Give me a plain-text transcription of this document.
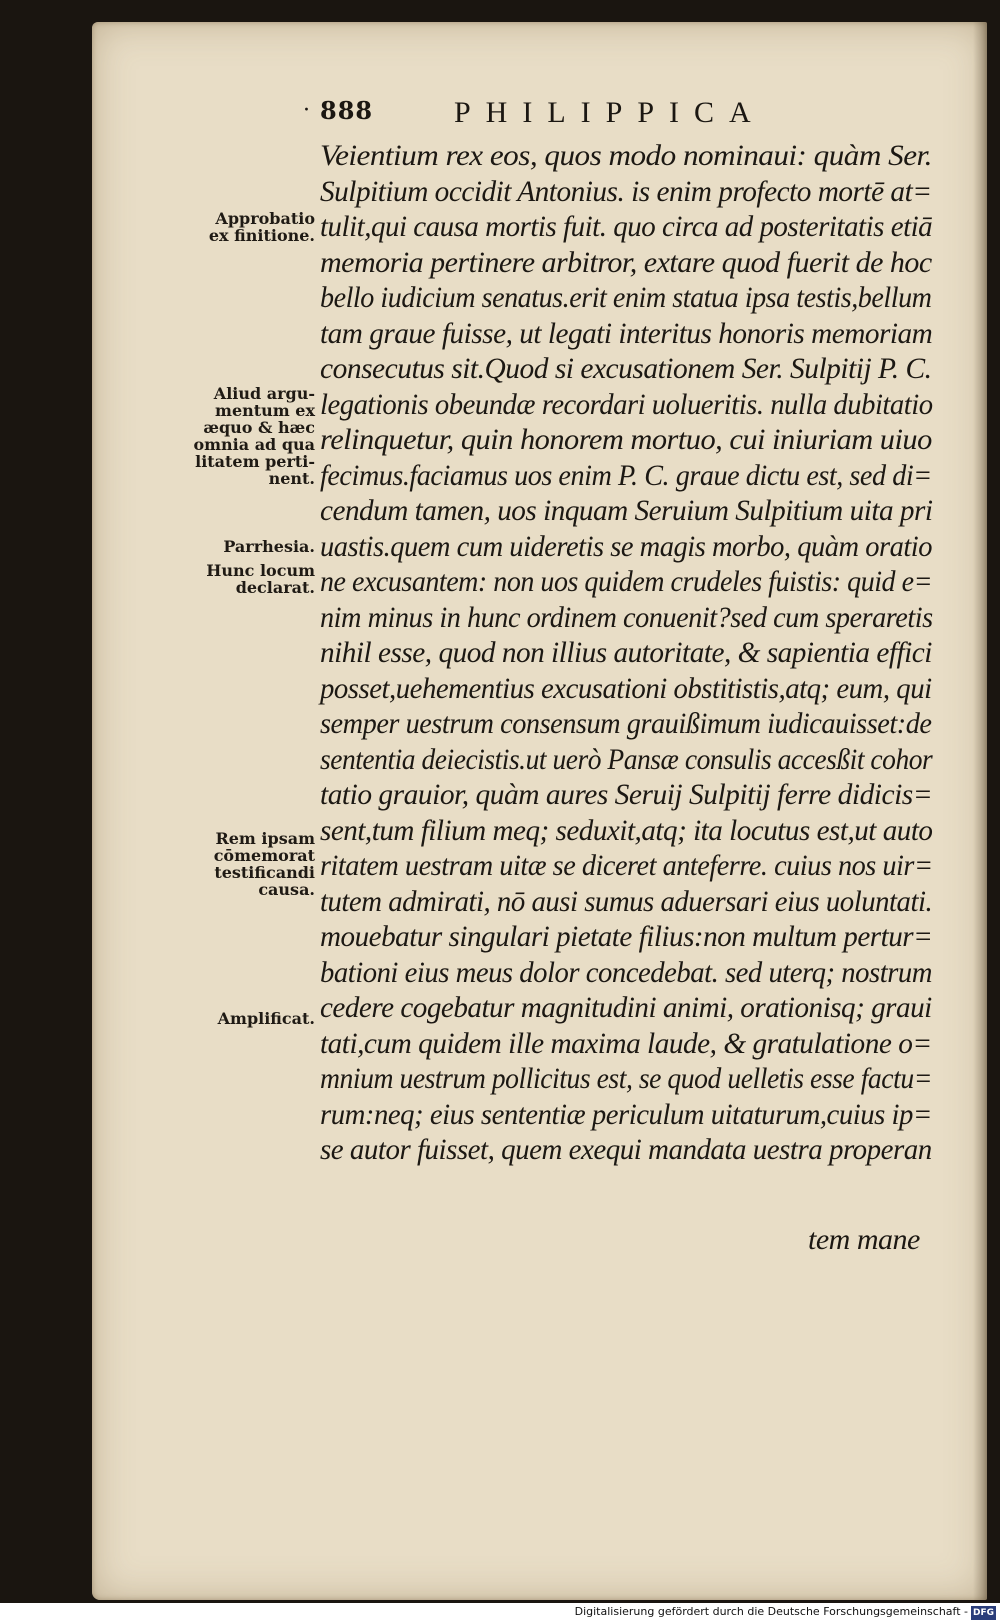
· 888	PHILIPPICA
Approbatio
ex finitione.
Aliud argu-
mentum ex
æquo & hæc
omnia ad qua
litatem perti-
nent.
Parrhesia.
Hunc locum
declarat.
Rem ipsam
cōmemorat
testificandi
causa.
Amplificat.
Veientium rex eos, quos modo nominaui: quàm Ser.
Sulpitium occidit Antonius. is enim profecto mortē at=
tulit,qui causa mortis fuit. quo circa ad posteritatis etiā
memoria pertinere arbitror, extare quod fuerit de hoc
bello iudicium senatus.erit enim statua ipsa testis,bellum
tam graue fuisse, ut legati interitus honoris memoriam
consecutus sit.Quod si excusationem Ser. Sulpitij P. C.
legationis obeundæ recordari uolueritis. nulla dubitatio
relinquetur, quin honorem mortuo, cui iniuriam uiuo
fecimus.faciamus uos enim P. C. graue dictu est, sed di=
cendum tamen, uos inquam Seruium Sulpitium uita pri
uastis.quem cum uideretis se magis morbo, quàm oratio
ne excusantem: non uos quidem crudeles fuistis: quid e=
nim minus in hunc ordinem conuenit?sed cum speraretis
nihil esse, quod non illius autoritate, & sapientia effici
posset,uehementius excusationi obstitistis,atq; eum, qui
semper uestrum consensum grauißimum iudicauisset:de
sententia deiecistis.ut uerò Pansæ consulis accesßit cohor
tatio grauior, quàm aures Seruij Sulpitij ferre didicis=
sent,tum filium meq; seduxit,atq; ita locutus est,ut auto
ritatem uestram uitæ se diceret anteferre. cuius nos uir=
tutem admirati, nō ausi sumus aduersari eius uoluntati.
mouebatur singulari pietate filius:non multum pertur=
bationi eius meus dolor concedebat. sed uterq; nostrum
cedere cogebatur magnitudini animi, orationisq; graui
tati,cum quidem ille maxima laude, & gratulatione o=
mnium uestrum pollicitus est, se quod uelletis esse factu=
rum:neq; eius sententiæ periculum uitaturum,cuius ip=
se autor fuisset, quem exequi mandata uestra properan
tem mane
Digitalisierung gefördert durch die Deutsche Forschungsgemeinschaft - DFG
